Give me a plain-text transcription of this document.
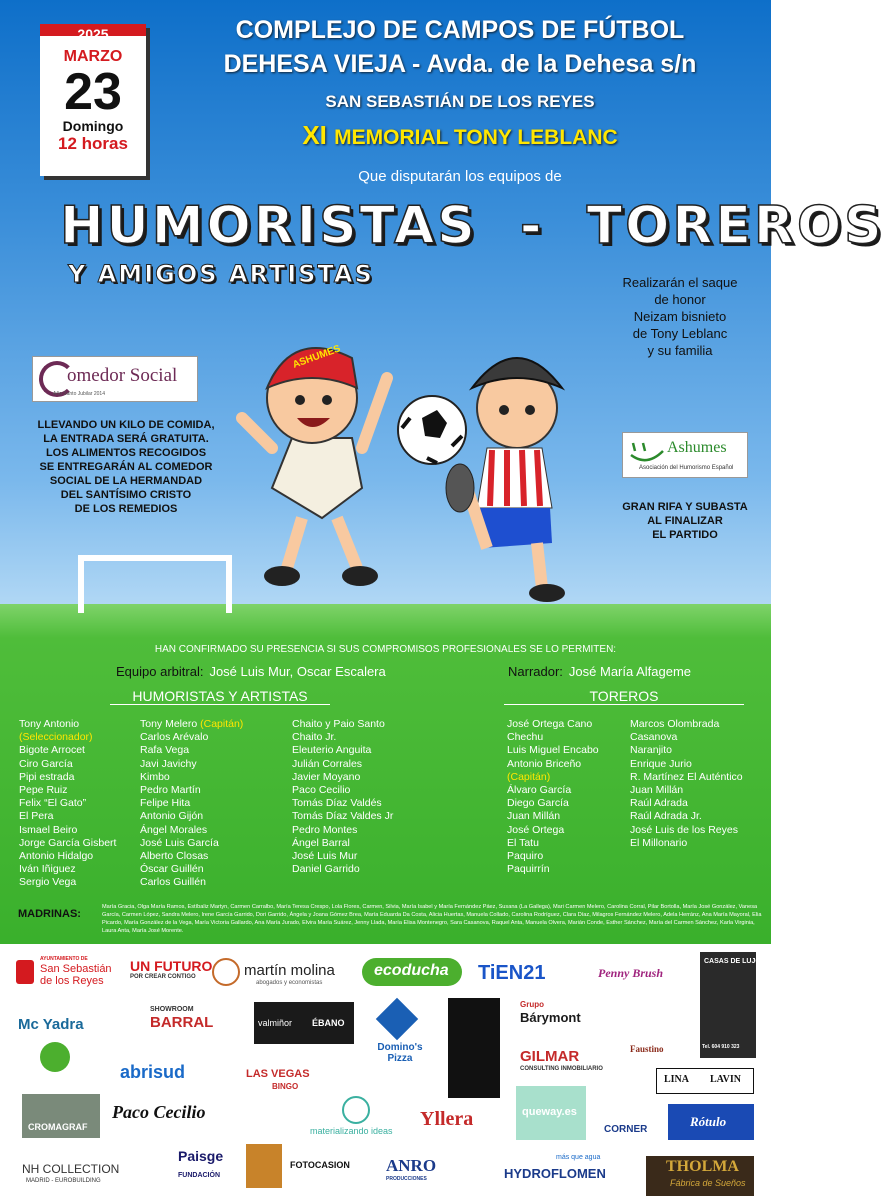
2025
MARZO
23
Domingo
12 horas
COMPLEJO DE CAMPOS DE FÚTBOL
DEHESA VIEJA - Avda. de la Dehesa s/n
SAN SEBASTIÁN DE LOS REYES
XI MEMORIAL TONY LEBLANC
Que disputarán los equipos de
HUMORISTAS  -  TOREROS
Y AMIGOS ARTISTAS	Realizarán el saque
de honor
Neizam bisnieto
de Tony Leblanc
y su familia
omedor Social
Año Santo Jubilar 2014
LLEVANDO UN KILO DE COMIDA,
LA ENTRADA SERÁ GRATUITA.
LOS ALIMENTOS RECOGIDOS
SE ENTREGARÁN AL COMEDOR
SOCIAL DE LA HERMANDAD
DEL SANTÍSIMO CRISTO
DE LOS REMEDIOS
Ashumes
Asociación del Humorismo Español
GRAN RIFA Y SUBASTA
AL FINALIZAR
EL PARTIDO
ASHUMES
HAN CONFIRMADO SU PRESENCIA SI SUS COMPROMISOS PROFESIONALES SE LO PERMITEN:
Equipo arbitral: José Luis Mur, Oscar Escalera	Narrador: José María Alfageme
HUMORISTAS Y ARTISTAS	TOREROS
Tony Antonio
(Seleccionador)
Bigote Arrocet
Ciro García
Pipi estrada
Pepe Ruiz
Felix “El Gato”
El Pera
Ismael Beiro
Jorge García Gisbert
Antonio Hidalgo
Iván Iñiguez
Sergio Vega
Tony Melero (Capitán)
Carlos Arévalo
Rafa Vega
Javi Javichy
Kimbo
Pedro Martín
Felipe Hita
Antonio Gijón
Ángel Morales
José Luis García
Alberto Closas
Óscar Guillén
Carlos Guillén
Chaito y Paio Santo
Chaito Jr.
Eleuterio Anguita
Julián Corrales
Javier Moyano
Paco Cecilio
Tomás Díaz Valdés
Tomás Díaz Valdes Jr
Pedro Montes
Ángel Barral
José Luis Mur
Daniel Garrido
José Ortega Cano
Chechu
Luis Miguel Encabo
Antonio Briceño
(Capitán)
Álvaro García
Diego García
Juan Millán
José Ortega
El Tatu
Paquiro
Paquirrín
Marcos Olombrada
Casanova
Naranjito
Enrique Jurio
R. Martínez El Auténtico
Juan Millán
Raúl Adrada
Raúl Adrada Jr.
José Luis de los Reyes
El Millonario
MADRINAS:
María Gracia, Olga María Ramos, Estíbaliz Martyn, Carmen Carralbo, María Teresa Crespo, Lola Flores, Carmen, Silvia, María Isabel y María Fernández Páez, Susana (La Gallega), Mari Carmen Melero, Carolina Corral, Pilar Bortolla, María José González, Vanesa García, Carmen López, Sandra Melero, Irene García Garrido, Dori Garrido, Ángela y Joana Gómez Brea, María Eduarda Da Costa, Alicia Huertas, Manuela Collado, Carolina Rodríguez, Clara Díaz, Milagros Fernández Melero, Adela Herránz, Ana María Mayoral, Elia Picardo, María González de la Vega, María Victoria Gallardo, Ana María Jurado, Elvira María Suárez, Jenny Llada, María Elisa Montenegro, Sara Casanova, Raquel Anta, Manuela Olvera, Marián Conde, Esther Sánchez, María del Carmen Sánchez, Karla Virginia, Laura Anta, María José Morente.
AYUNTAMIENTO DE
San Sebastián de los Reyes
UN FUTURO
POR CREAR CONTIGO	martín molina
abogados y economistas
ecoducha TiEN21	Penny Brush
CASAS DE LUJO
Tel. 604 910 323
Mc Yadra
SHOWROOM
BARRAL	valmiñor ÉBANO
Domino's Pizza
Grupo
Bárymont
Faustino
abrisud	LAS VEGAS
BINGO
GILMAR
CONSULTING INMOBILIARIO
LINA LAVIN
CROMAGRAF
Paco Cecilio
materializando ideas
Yllera	queway.es
CORNER
Rótulo
NH COLLECTION
MADRID - EUROBUILDING
Paisge
FUNDACIÓN
FOTOCASION ANRO
PRODUCCIONES
más que agua
HYDROFLOMEN	THOLMA
Fábrica de Sueños
